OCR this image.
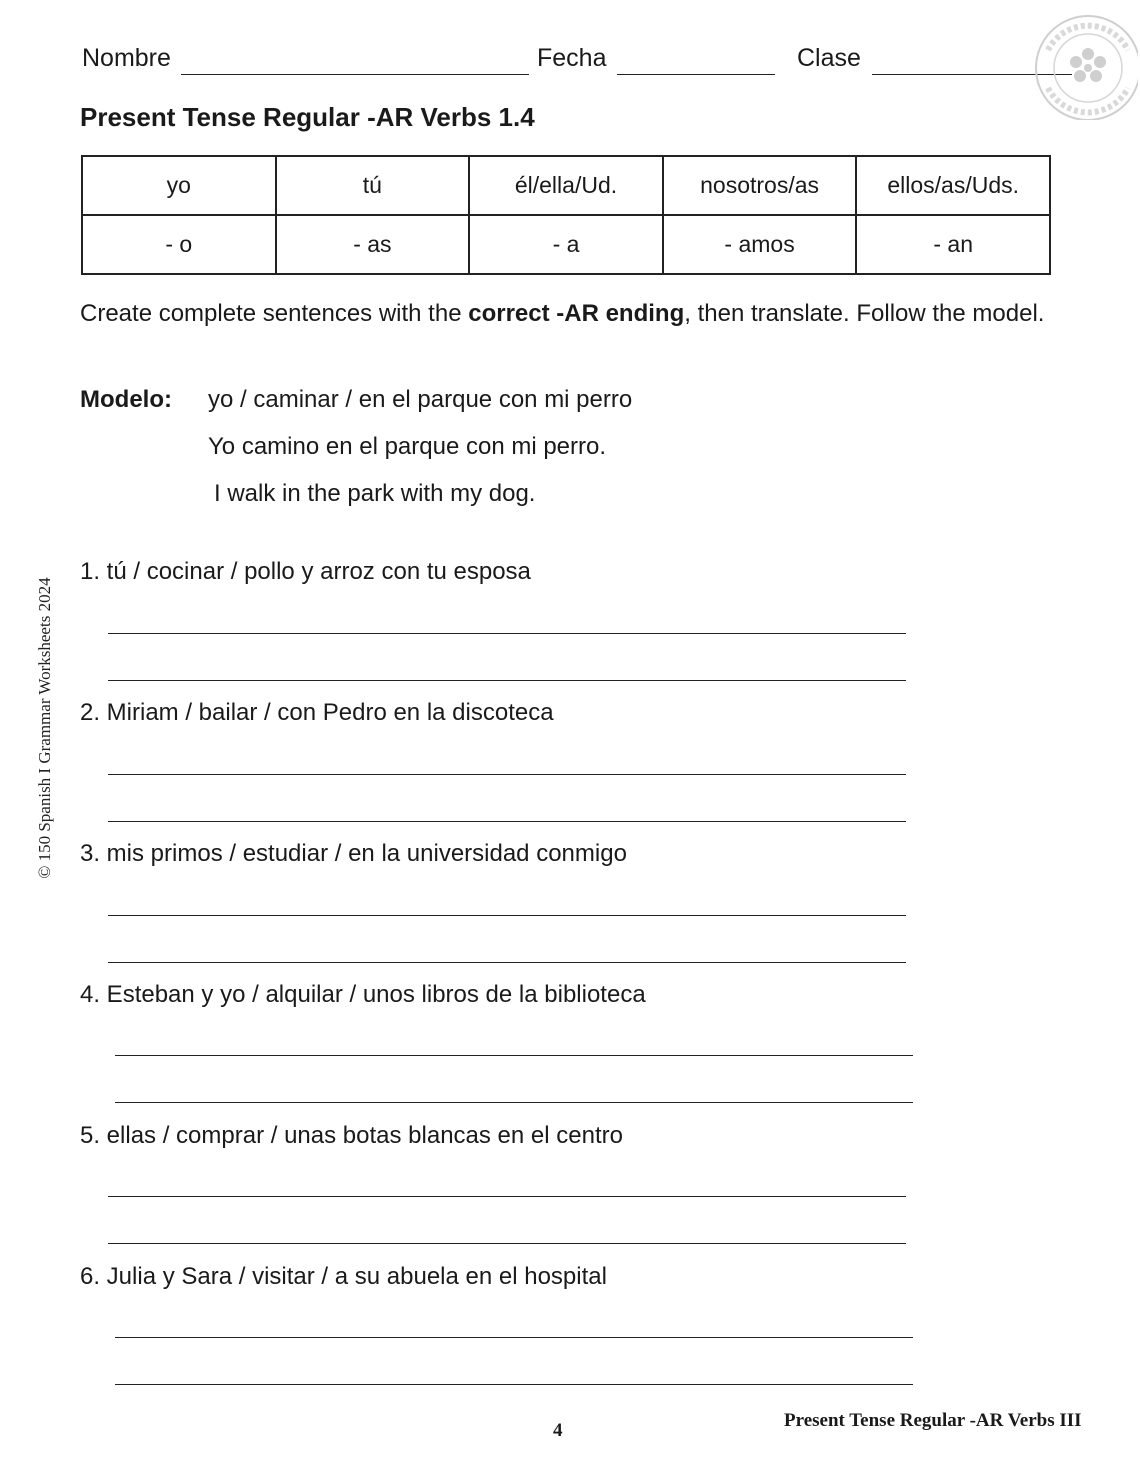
Nombre	Fecha	Clase
Present Tense Regular -AR Verbs 1.4
yo	tú	él/ella/Ud.	nosotros/as	ellos/as/Uds.
- o	- as	- a	- amos	- an
Create complete sentences with the correct -AR ending, then translate. Follow the model.
Modelo: yo / caminar / en el parque con mi perro
Yo camino en el parque con mi perro.
I walk in the park with my dog.
1. tú / cocinar / pollo y arroz con tu esposa
2. Miriam / bailar / con Pedro en la discoteca
3. mis primos / estudiar / en la universidad conmigo
4. Esteban y yo / alquilar / unos libros de la biblioteca
5. ellas / comprar / unas botas blancas en el centro
6. Julia y Sara / visitar / a su abuela en el hospital
© 150 Spanish I Grammar Worksheets 2024
4	Present Tense Regular -AR Verbs III
